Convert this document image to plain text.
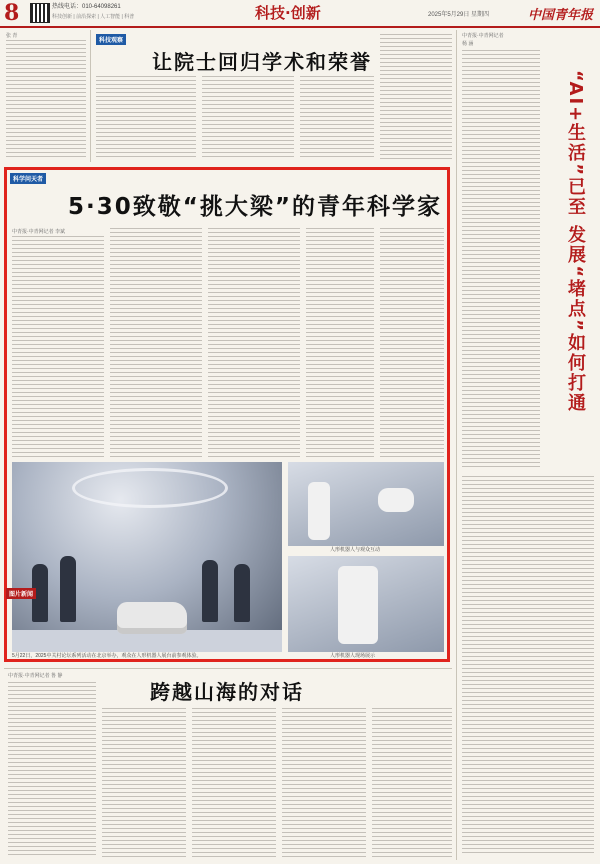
8	热线电话：010-64098261
科技创新 | 前沿探索 | 人工智能 | 科普	科技·创新	2025年5月29日 星期四	中国青年报
张 青
科技观察
让院士回归学术和荣誉
中青报·中青网记者
杨 涵
“AI+生活”已至 发展“堵点”如何打通
科学问天者
5·30致敬“挑大梁”的青年科学家
中青报·中青网记者 李斌
5月22日，2025中关村论坛系列活动在北京举办，观众在人形机器人展台前参观体验。
人形机器人与观众互动
人形机器人现场展示
图片新闻
中青报·中青网记者 鲁 静
跨越山海的对话
